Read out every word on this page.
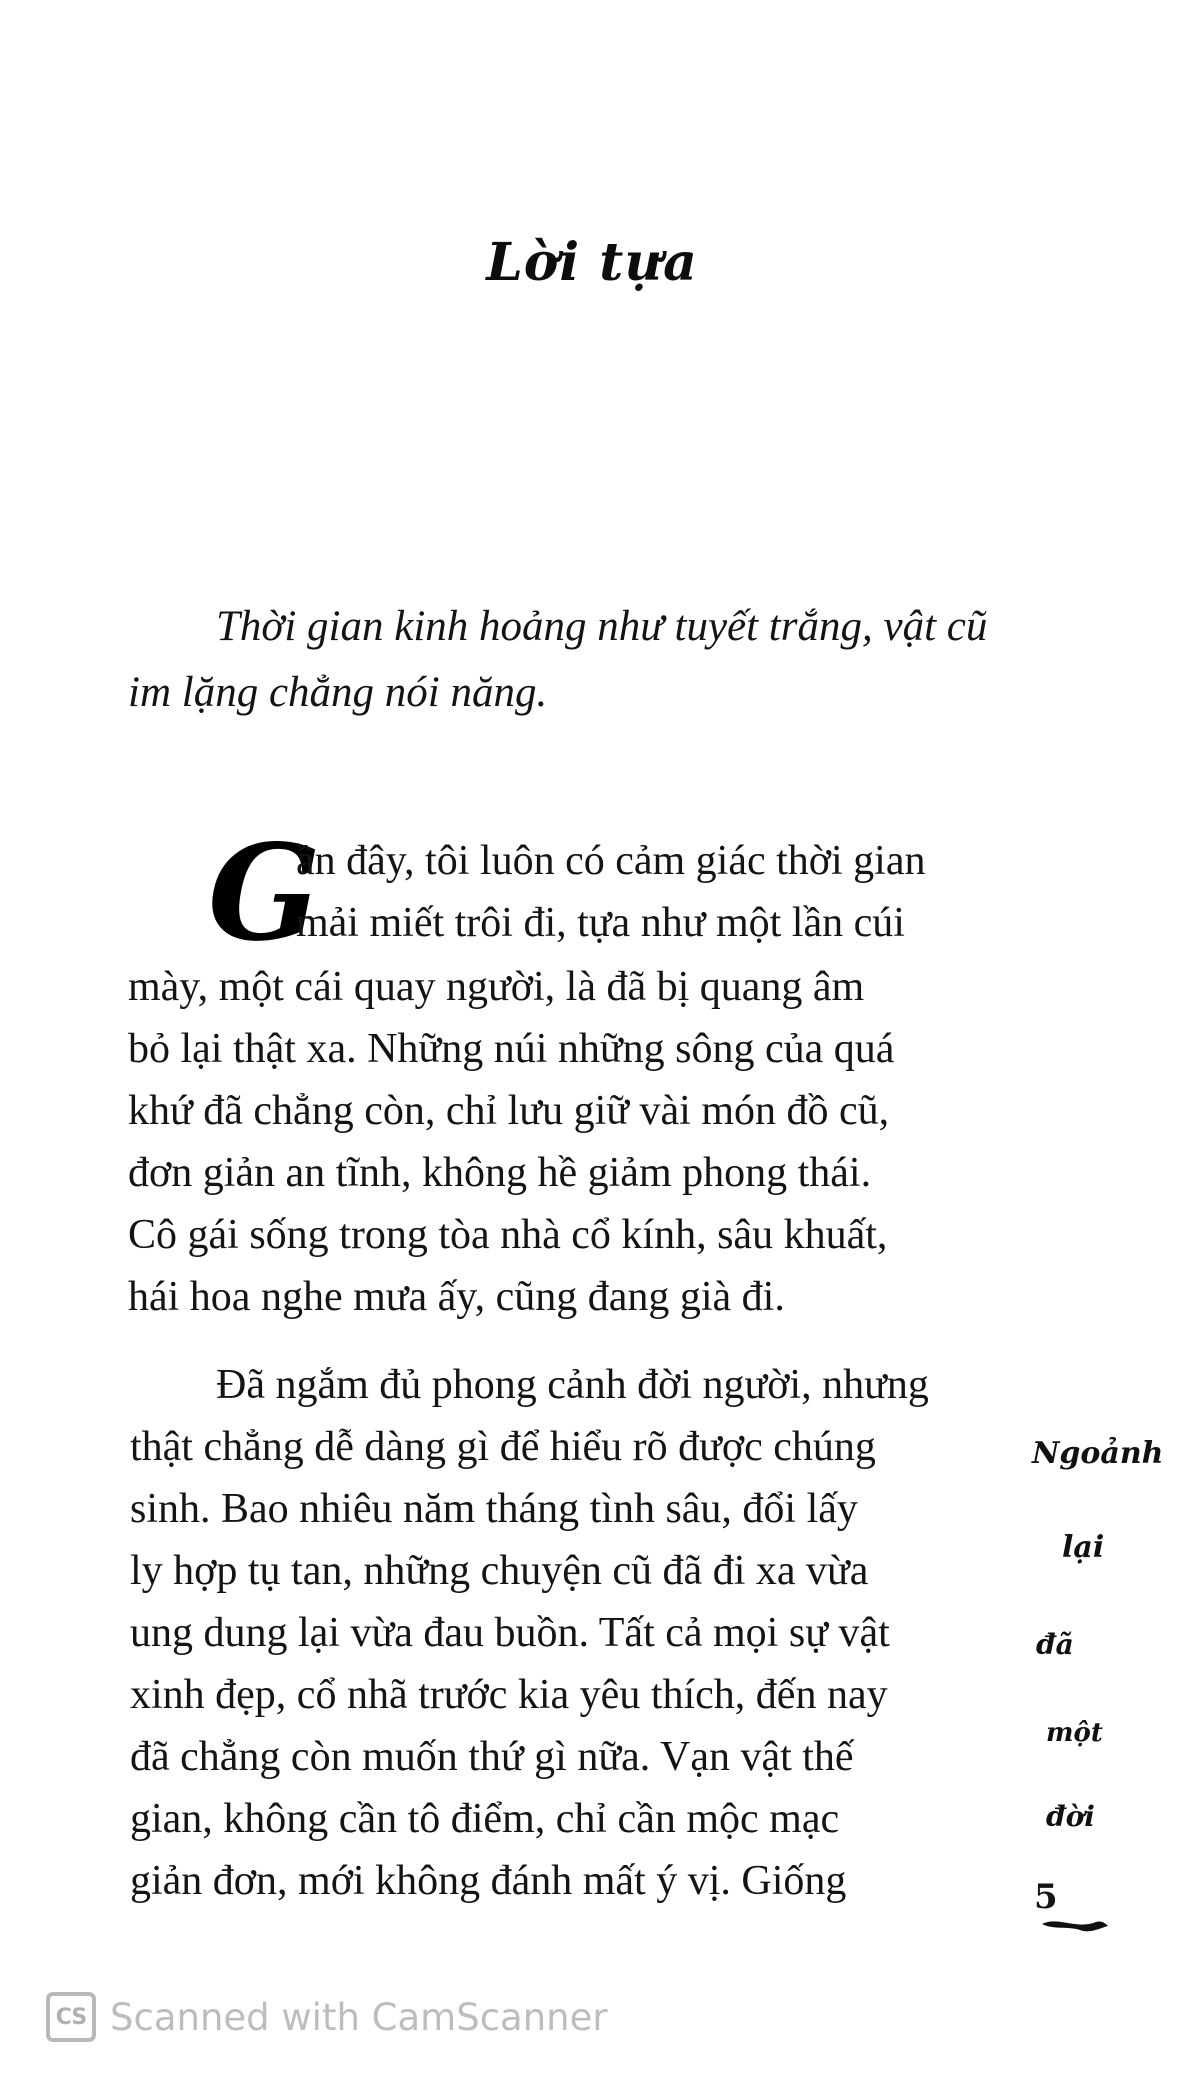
Lời tựa
Thời gian kinh hoảng như tuyết trắng, vật cũ
im lặng chẳng nói năng.
G
ần đây, tôi luôn có cảm giác thời gian
mải miết trôi đi, tựa như một lần cúi
mày, một cái quay người, là đã bị quang âm
bỏ lại thật xa. Những núi những sông của quá
khứ đã chẳng còn, chỉ lưu giữ vài món đồ cũ,
đơn giản an tĩnh, không hề giảm phong thái.
Cô gái sống trong tòa nhà cổ kính, sâu khuất,
hái hoa nghe mưa ấy, cũng đang già đi.
Đã ngắm đủ phong cảnh đời người, nhưng
thật chẳng dễ dàng gì để hiểu rõ được chúng
sinh. Bao nhiêu năm tháng tình sâu, đổi lấy
ly hợp tụ tan, những chuyện cũ đã đi xa vừa
ung dung lại vừa đau buồn. Tất cả mọi sự vật
xinh đẹp, cổ nhã trước kia yêu thích, đến nay
đã chẳng còn muốn thứ gì nữa. Vạn vật thế
gian, không cần tô điểm, chỉ cần mộc mạc
giản đơn, mới không đánh mất ý vị. Giống
Ngoảnh
lại
đã
một
đời
5
CS Scanned with CamScanner
